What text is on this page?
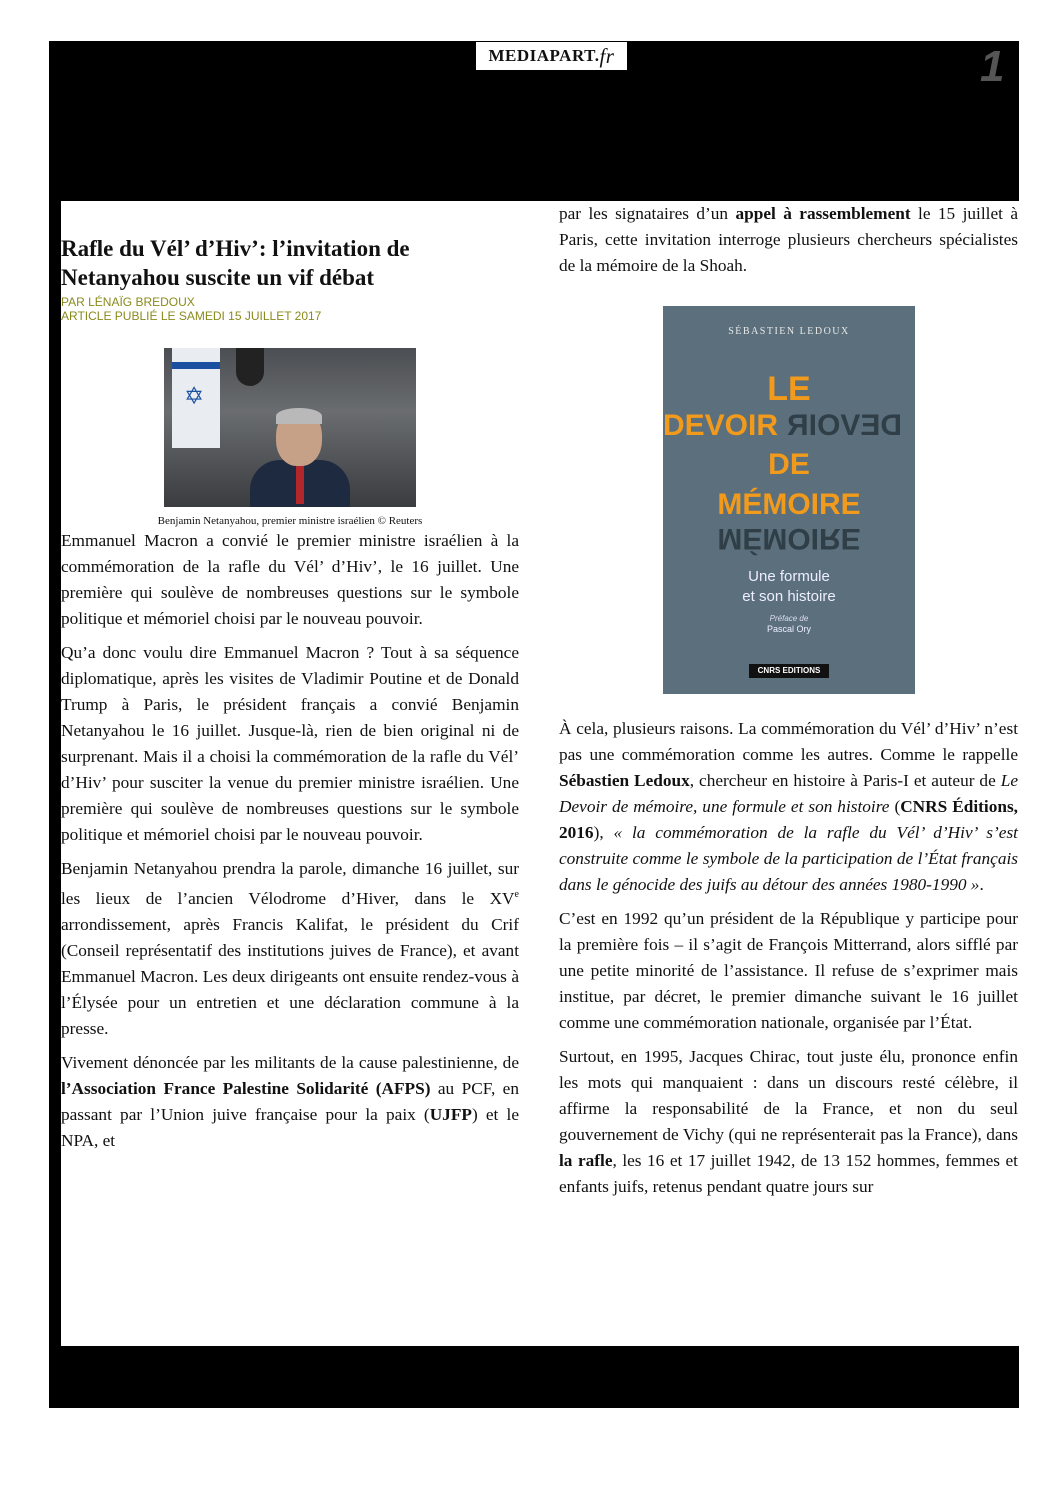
MEDIAPART. fr	1
Rafle du Vél’ d’Hiv’: l’invitation de Netanyahou suscite un vif débat
PAR LÉNAÏG BREDOUX
ARTICLE PUBLIÉ LE SAMEDI 15 JUILLET 2017
✡
Benjamin Netanyahou, premier ministre israélien © Reuters

Emmanuel Macron a convié le premier ministre israélien à la commémoration de la rafle du Vél’ d’Hiv’, le 16 juillet. Une première qui soulève de nombreuses questions sur le symbole politique et mémoriel choisi par le nouveau pouvoir.

Qu’a donc voulu dire Emmanuel Macron ? Tout à sa séquence diplomatique, après les visites de Vladimir Poutine et de Donald Trump à Paris, le président français a convié Benjamin Netanyahou le 16 juillet. Jusque-là, rien de bien original ni de surprenant. Mais il a choisi la commémoration de la rafle du Vél’ d’Hiv’ pour susciter la venue du premier ministre israélien. Une première qui soulève de nombreuses questions sur le symbole politique et mémoriel choisi par le nouveau pouvoir.

Benjamin Netanyahou prendra la parole, dimanche 16 juillet, sur les lieux de l’ancien Vélodrome d’Hiver, dans le XVe arrondissement, après Francis Kalifat, le président du Crif (Conseil représentatif des institutions juives de France), et avant Emmanuel Macron. Les deux dirigeants ont ensuite rendez-vous à l’Élysée pour un entretien et une déclaration commune à la presse.

Vivement dénoncée par les militants de la cause palestinienne, de l’Association France Palestine Solidarité (AFPS) au PCF, en passant par l’Union juive française pour la paix (UJFP) et le NPA, et

par les signataires d’un appel à rassemblement le 15 juillet à Paris, cette invitation interroge plusieurs chercheurs spécialistes de la mémoire de la Shoah.

SÉBASTIEN LEDOUX
LE
DEVOIR DEVOIR
DE
MÉMOIRE
MÉMOIRE
Une formule
et son histoire
Préface de
Pascal Ory
CNRS EDITIONS

À cela, plusieurs raisons. La commémoration du Vél’ d’Hiv’ n’est pas une commémoration comme les autres. Comme le rappelle Sébastien Ledoux, chercheur en histoire à Paris-I et auteur de Le Devoir de mémoire, une formule et son histoire (CNRS Éditions, 2016), « la commémoration de la rafle du Vél’ d’Hiv’ s’est construite comme le symbole de la participation de l’État français dans le génocide des juifs au détour des années 1980-1990 ».

C’est en 1992 qu’un président de la République y participe pour la première fois – il s’agit de François Mitterrand, alors sifflé par une petite minorité de l’assistance. Il refuse de s’exprimer mais institue, par décret, le premier dimanche suivant le 16 juillet comme une commémoration nationale, organisée par l’État.

Surtout, en 1995, Jacques Chirac, tout juste élu, prononce enfin les mots qui manquaient : dans un discours resté célèbre, il affirme la responsabilité de la France, et non du seul gouvernement de Vichy (qui ne représenterait pas la France), dans la rafle, les 16 et 17 juillet 1942, de 13 152 hommes, femmes et enfants juifs, retenus pendant quatre jours sur
